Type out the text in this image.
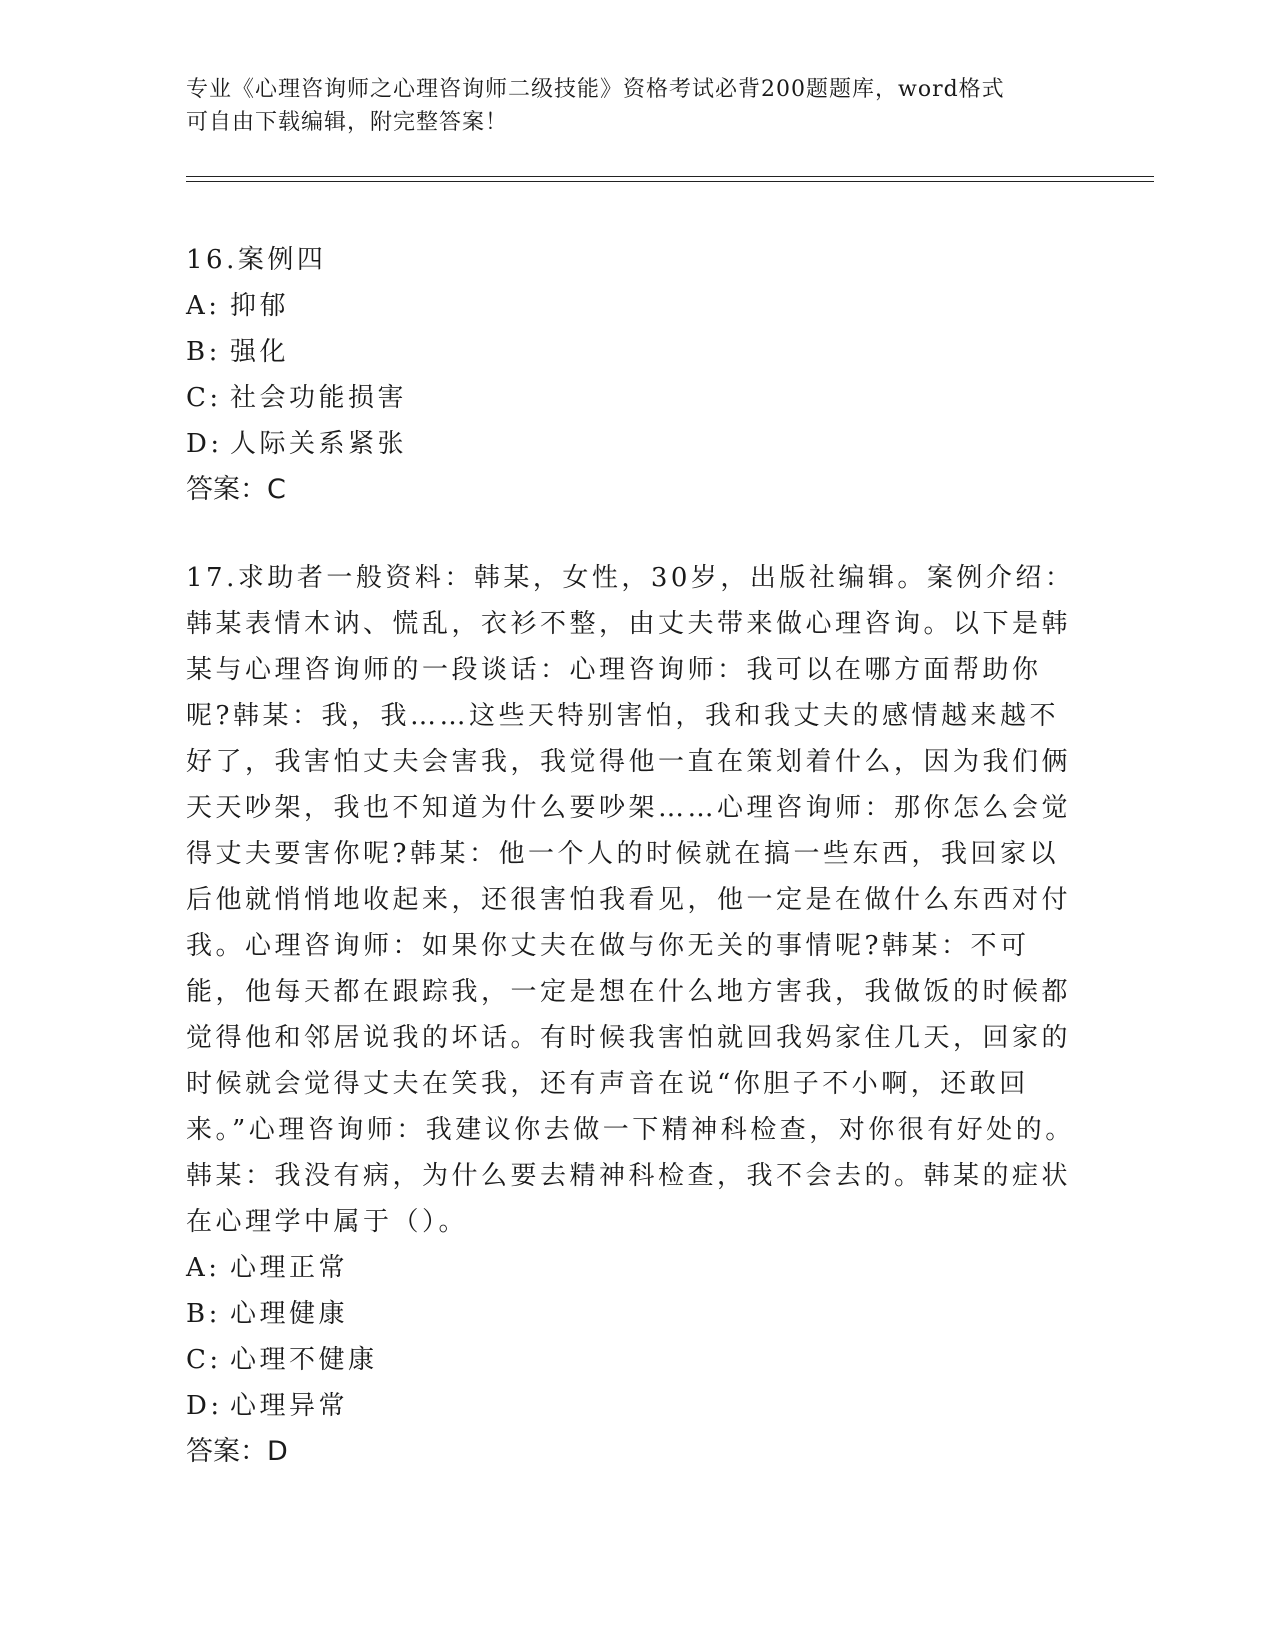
专业《心理咨询师之心理咨询师二级技能》资格考试必背200题题库，word格式
可自由下载编辑，附完整答案！

16.案例四

A: 抑郁

B: 强化

C: 社会功能损害

D: 人际关系紧张

答案：C

17.求助者一般资料：韩某，女性，30岁，出版社编辑。案例介绍：韩某表情木讷、慌乱，衣衫不整，由丈夫带来做心理咨询。以下是韩某与心理咨询师的一段谈话：心理咨询师：我可以在哪方面帮助你呢?韩某：我，我……这些天特别害怕，我和我丈夫的感情越来越不好了，我害怕丈夫会害我，我觉得他一直在策划着什么，因为我们俩天天吵架，我也不知道为什么要吵架……心理咨询师：那你怎么会觉得丈夫要害你呢?韩某：他一个人的时候就在搞一些东西，我回家以后他就悄悄地收起来，还很害怕我看见，他一定是在做什么东西对付我。心理咨询师：如果你丈夫在做与你无关的事情呢?韩某：不可能，他每天都在跟踪我，一定是想在什么地方害我，我做饭的时候都觉得他和邻居说我的坏话。有时候我害怕就回我妈家住几天，回家的时候就会觉得丈夫在笑我，还有声音在说“你胆子不小啊，还敢回来。”心理咨询师：我建议你去做一下精神科检查，对你很有好处的。韩某：我没有病，为什么要去精神科检查，我不会去的。韩某的症状在心理学中属于（）。

A: 心理正常

B: 心理健康

C: 心理不健康

D: 心理异常

答案：D
